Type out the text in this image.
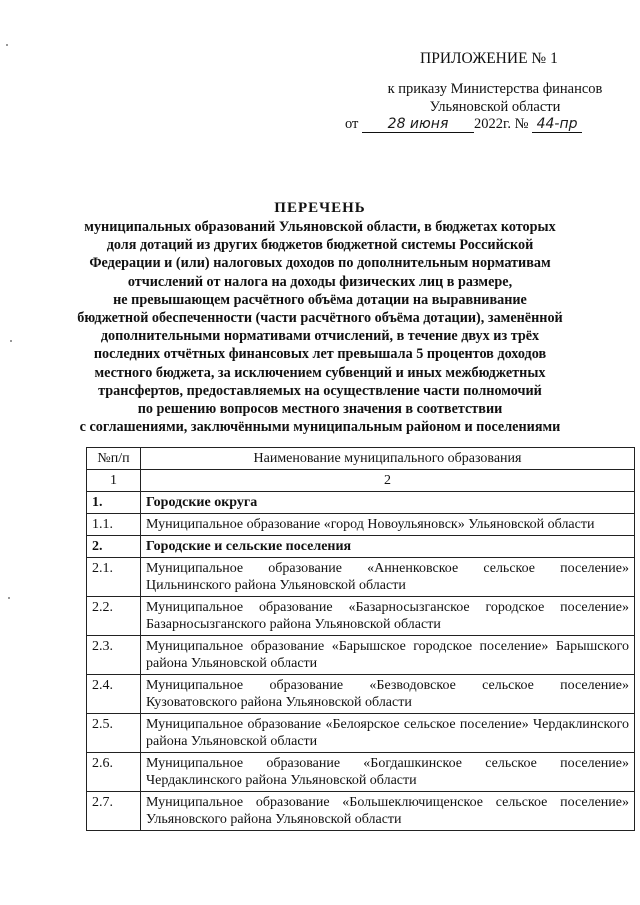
ПРИЛОЖЕНИЕ № 1
к приказу Министерства финансов
Ульяновской области
от 28 июня 2022г. № 44-пр
ПЕРЕЧЕНЬ
муниципальных образований Ульяновской области, в бюджетах которых
доля дотаций из других бюджетов бюджетной системы Российской
Федерации и (или) налоговых доходов по дополнительным нормативам
отчислений от налога на доходы физических лиц в размере,
не превышающем расчётного объёма дотации на выравнивание
бюджетной обеспеченности (части расчётного объёма дотации), заменённой
дополнительными нормативами отчислений, в течение двух из трёх
последних отчётных финансовых лет превышала 5 процентов доходов
местного бюджета, за исключением субвенций и иных межбюджетных
трансфертов, предоставляемых на осуществление части полномочий
по решению вопросов местного значения в соответствии
с соглашениями, заключёнными муниципальным районом и поселениями
№п/п	Наименование муниципального образования
1	2
1.	Городские округа
1.1.	Муниципальное образование «город Новоульяновск» Ульяновской области
2.	Городские и сельские поселения
2.1.	Муниципальное образование «Анненковское сельское поселение» Цильнинского района Ульяновской области
2.2.	Муниципальное образование «Базарносызганское городское поселение» Базарносызганского района Ульяновской области
2.3.	Муниципальное образование «Барышское городское поселение» Барышского района Ульяновской области
2.4.	Муниципальное образование «Безводовское сельское поселение» Кузоватовского района Ульяновской области
2.5.	Муниципальное образование «Белоярское сельское поселение» Чердаклинского района Ульяновской области
2.6.	Муниципальное образование «Богдашкинское сельское поселение» Чердаклинского района Ульяновской области
2.7.	Муниципальное образование «Большеключищенское сельское поселение» Ульяновского района Ульяновской области
